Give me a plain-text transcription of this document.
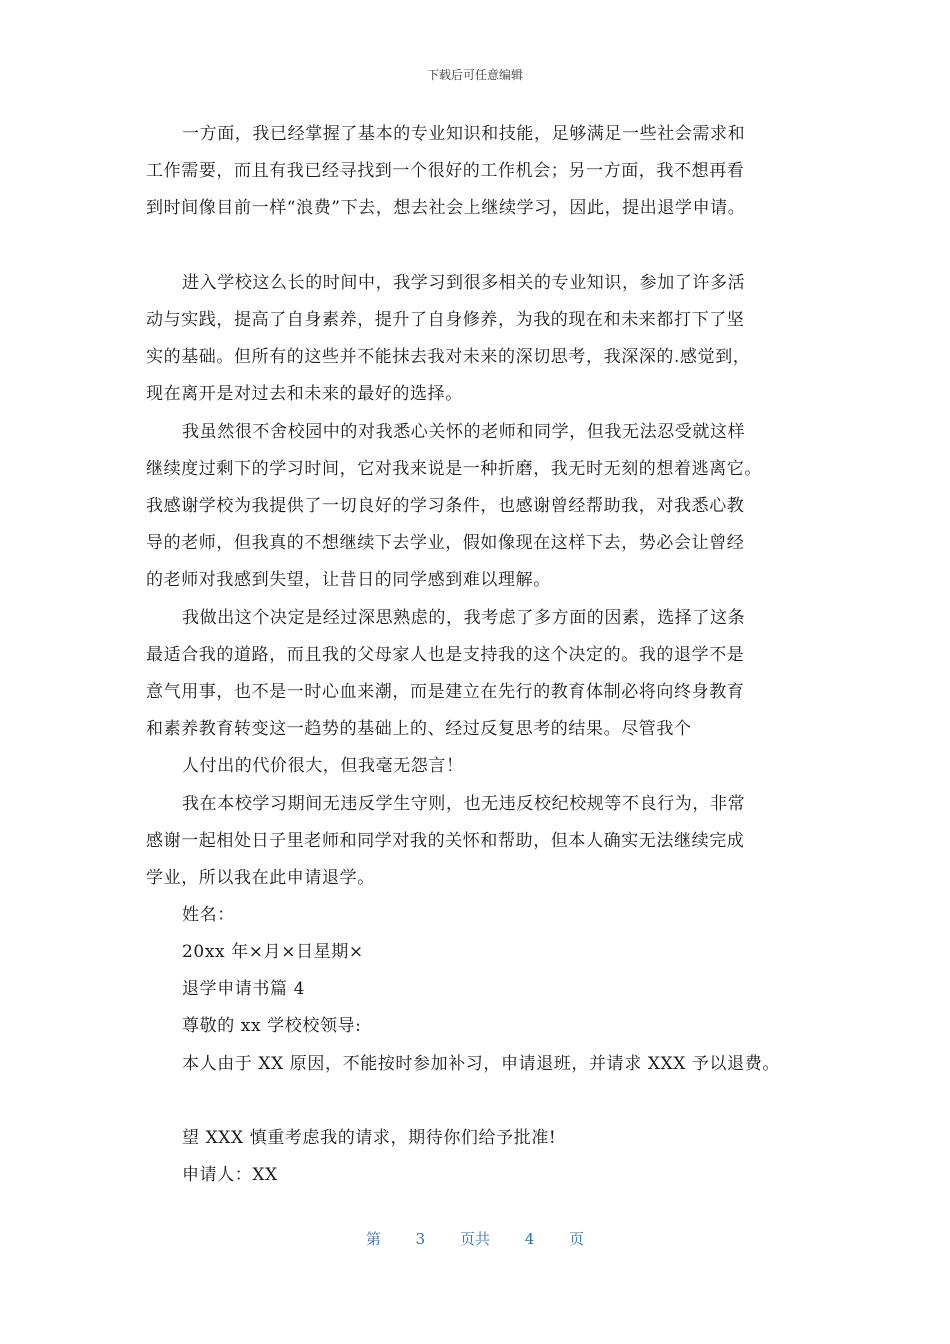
下载后可任意编辑
一方面，我已经掌握了基本的专业知识和技能，足够满足一些社会需求和
工作需要，而且有我已经寻找到一个很好的工作机会；另一方面，我不想再看
到时间像目前一样“浪费”下去，想去社会上继续学习，因此，提出退学申请。
进入学校这么长的时间中，我学习到很多相关的专业知识，参加了许多活
动与实践，提高了自身素养，提升了自身修养，为我的现在和未来都打下了坚
实的基础。但所有的这些并不能抹去我对未来的深切思考，我深深的.感觉到，
现在离开是对过去和未来的最好的选择。
我虽然很不舍校园中的对我悉心关怀的老师和同学，但我无法忍受就这样
继续度过剩下的学习时间，它对我来说是一种折磨，我无时无刻的想着逃离它。
我感谢学校为我提供了一切良好的学习条件，也感谢曾经帮助我，对我悉心教
导的老师，但我真的不想继续下去学业，假如像现在这样下去，势必会让曾经
的老师对我感到失望，让昔日的同学感到难以理解。
我做出这个决定是经过深思熟虑的，我考虑了多方面的因素，选择了这条
最适合我的道路，而且我的父母家人也是支持我的这个决定的。我的退学不是
意气用事，也不是一时心血来潮，而是建立在先行的教育体制必将向终身教育
和素养教育转变这一趋势的基础上的、经过反复思考的结果。尽管我个
人付出的代价很大，但我毫无怨言！
我在本校学习期间无违反学生守则，也无违反校纪校规等不良行为，非常
感谢一起相处日子里老师和同学对我的关怀和帮助，但本人确实无法继续完成
学业，所以我在此申请退学。
姓名：
20xx 年×月×日星期×
退学申请书篇 4
尊敬的 xx 学校校领导:
本人由于 XX 原因，不能按时参加补习，申请退班，并请求 XXX 予以退费。
望 XXX 慎重考虑我的请求，期待你们给予批准!
申请人：XX
第 3 页共 4 页
